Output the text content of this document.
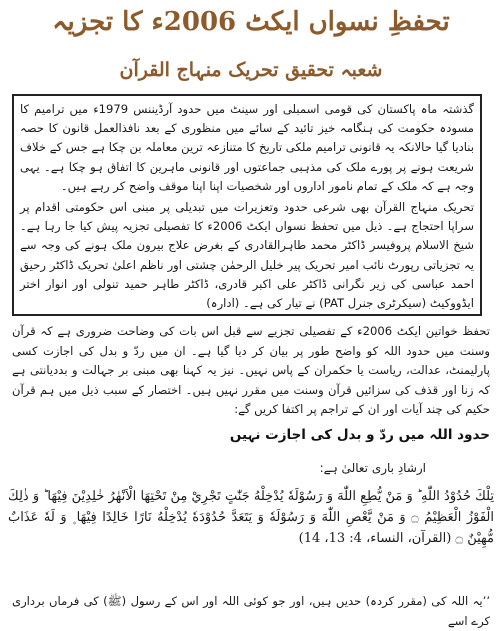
تحفظِ نسواں ایکٹ 2006ء کا تجزیہ
شعبہ تحقیق تحریک منہاج القرآن

گذشتہ ماہ پاکستان کی قومی اسمبلی اور سینٹ میں حدود آرڈیننس 1979ء میں ترامیم کا مسودہ حکومت کی ہنگامہ خیز تائید کے سائے میں منظوری کے بعد نافذالعمل قانون کا حصہ بنادیا گیا حالانکہ یہ قانونی ترامیم ملکی تاریخ کا متنازعہ ترین معاملہ بن چکا ہے جس کے خلاف شریعت ہونے پر پورے ملک کی مذہبی جماعتوں اور قانونی ماہرین کا اتفاق ہو چکا ہے۔ یہی وجہ ہے کہ ملک کے تمام نامور اداروں اور شخصیات اپنا اپنا موقف واضح کر رہے ہیں۔

تحریک منہاج القرآن بھی شرعی حدود وتعزیرات میں تبدیلی پر مبنی اس حکومتی اقدام پر سراپا احتجاج ہے۔ ذیل میں تحفظ نسواں ایکٹ 2006ء کا تفصیلی تجزیہ پیش کیا جا رہا ہے۔ شیخ الاسلام پروفیسر ڈاکٹر محمد طاہرالقادری کے بغرض علاج بیرون ملک ہونے کی وجہ سے یہ تجزیاتی رپورٹ نائب امیر تحریک پیر خلیل الرحمٰن چشتی اور ناظم اعلیٰ تحریک ڈاکٹر رحیق احمد عباسی کی زیر نگرانی ڈاکٹر علی اکبر قادری، ڈاکٹر طاہر حمید تنولی اور انوار اختر ایڈووکیٹ (سیکرٹری جنرل PAT) نے تیار کی ہے۔ (ادارہ)

تحفظ خواتین ایکٹ 2006ء کے تفصیلی تجزیے سے قبل اس بات کی وضاحت ضروری ہے کہ قرآن وسنت میں حدود اللہ کو واضح طور پر بیان کر دیا گیا ہے۔ ان میں ردّ و بدل کی اجازت کسی پارلیمنٹ، عدالت، ریاست یا حکمران کے پاس نہیں۔ نیز یہ کہنا بھی مبنی بر جہالت و بددیانتی ہے کہ زنا اور قذف کی سزائیں قرآن وسنت میں مقرر نہیں ہیں۔ اختصار کے سبب ذیل میں ہم قرآن حکیم کی چند آیات اور ان کے تراجم پر اکتفا کریں گے:

حدود اللہ میں ردّ و بدل کی اجازت نہیں
ارشادِ باری تعالیٰ ہے:
تِلْكَ حُدُوْدُ اللّٰهِ ؕ وَ مَنْ يُّطِعِ اللّٰهَ وَ رَسُوْلَهٗ يُدْخِلْهُ جَنّٰتٍ تَجْرِيْ مِنْ تَحْتِهَا الْاَنْهٰرُ خٰلِدِيْنَ فِيْهَا ؕ وَ ذٰلِكَ الْفَوْزُ الْعَظِيْمُ ۝ وَ مَنْ يَّعْصِ اللّٰهَ وَ رَسُوْلَهٗ وَ يَتَعَدَّ حُدُوْدَهٗ يُدْخِلْهُ نَارًا خَالِدًا فِيْهَا ۪ وَ لَهٗ عَذَابٌ مُّهِيْنٌ ۝ (القرآن، النساء، 4: 13، 14)
’’یہ اللہ کی (مقرر کردہ) حدیں ہیں، اور جو کوئی اللہ اور اس کے رسول (ﷺ) کی فرماں برداری کرے اسے
